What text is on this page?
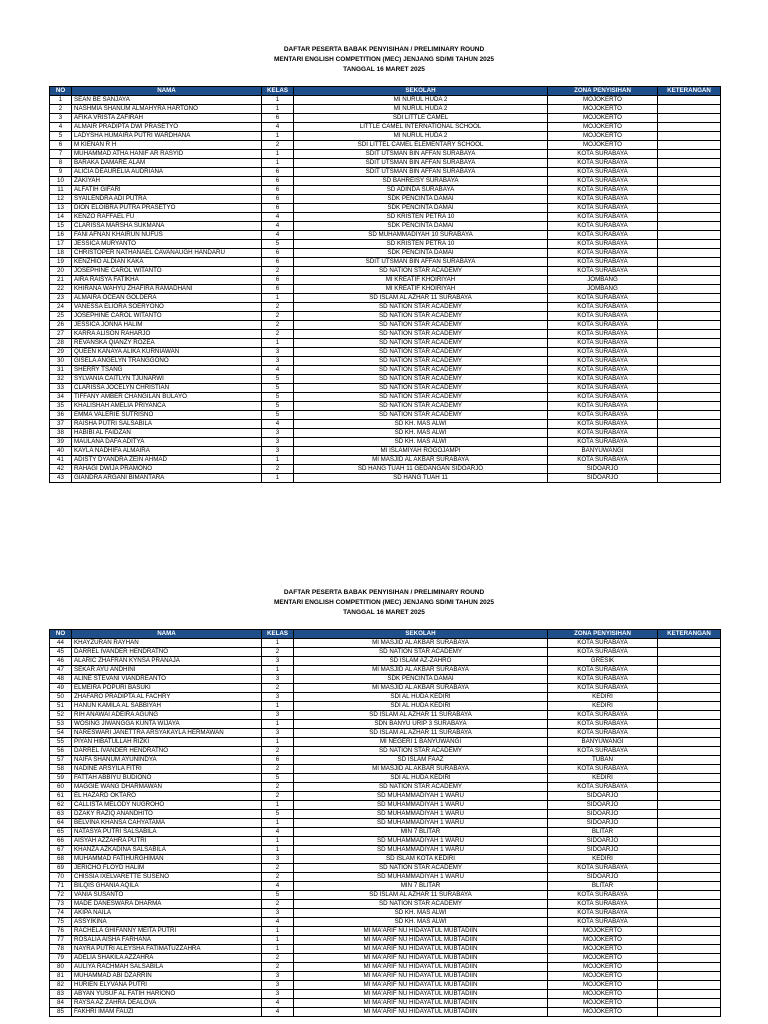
DAFTAR PESERTA BABAK PENYISIHAN / PRELIMINARY ROUND
MENTARI ENGLISH COMPETITION (MEC) JENJANG SD/MI TAHUN 2025
TANGGAL 16 MARET 2025
NO	NAMA	KELAS	SEKOLAH	ZONA PENYISIHAN	KETERANGAN
1	SEAN BE SANJAYA	1	MI NURUL HUDA 2	MOJOKERTO	
2	NASHMIA SHANUM ALMAHYRA HARTONO	1	MI NURUL HUDA 2	MOJOKERTO	
3	AFIKA VRISTA ZAFIRAH	6	SDI LITTLE CAMEL	MOJOKERTO	
4	ALMAIR PRADIPTA DWI PRASETYO	4	LITTLE CAMEL INTERNATIONAL SCHOOL	MOJOKERTO	
5	LADYSHA HUMAIRA PUTRI WARDHANA	1	MI NURUL HUDA 2	MOJOKERTO	
6	M KIENAN R H	2	SDI LITTEL CAMEL ELEMENTARY SCHOOL	MOJOKERTO	
7	MUHAMMAD ATHA HANIF AR RASYID	1	SDIT UTSMAN BIN AFFAN SURABAYA	KOTA SURABAYA	
8	BARAKA DAMARE ALAM	1	SDIT UTSMAN BIN AFFAN SURABAYA	KOTA SURABAYA	
9	ALICIA DEAURELIA AUDRIANA	6	SDIT UTSMAN BIN AFFAN SURABAYA	KOTA SURABAYA	
10	ZAKIYAH	6	SD BAHREISY SURABAYA	KOTA SURABAYA	
11	ALFATIH GIFARI	6	SD ADINDA SURABAYA	KOTA SURABAYA	
12	SYAILENDRA ADI PUTRA	6	SDK PENCINTA DAMAI	KOTA SURABAYA	
13	DION ELOIBRA PUTRA PRASETYO	6	SDK PENCINTA DAMAI	KOTA SURABAYA	
14	KENZO RAFFAEL FU	4	SD KRISTEN PETRA 10	KOTA SURABAYA	
15	CLARISSA MARSHA SUKMANA	4	SDK PENCINTA DAMAI	KOTA SURABAYA	
16	FANI AFNAN KHAIRUN NUFUS	4	SD MUHAMMADIYAH 10 SURABAYA	KOTA SURABAYA	
17	JESSICA MURYANTO	5	SD KRISTEN PETRA 10	KOTA SURABAYA	
18	CHRISTOPER NATHANAEL CAVANAUGH HANDARU	6	SDK PENCINTA DAMAI	KOTA SURABAYA	
19	KENZHIO ALDIAN KAKA	6	SDIT UTSMAN BIN AFFAN SURABAYA	KOTA SURABAYA	
20	JOSEPHINE CAROL WITANTO	2	SD NATION STAR ACADEMY	KOTA SURABAYA	
21	AIRA RAISYA FATIKHA	6	MI KREATIF KHOIRIYAH	JOMBANG	
22	KHIRANA WAHYU ZHAFIRA RAMADHANI	6	MI KREATIF KHOIRIYAH	JOMBANG	
23	ALMAIRA OCEAN GOLDERA	1	SD ISLAM AL AZHAR 11 SURABAYA	KOTA SURABAYA	
24	VANESSA ELIORA SOERYONO	2	SD NATION STAR ACADEMY	KOTA SURABAYA	
25	JOSEPHINE CAROL WITANTO	2	SD NATION STAR ACADEMY	KOTA SURABAYA	
26	JESSICA JONNA HALIM	2	SD NATION STAR ACADEMY	KOTA SURABAYA	
27	KARRA ALISON RAHARJO	2	SD NATION STAR ACADEMY	KOTA SURABAYA	
28	REVANSKA QIANZY ROZEA	1	SD NATION STAR ACADEMY	KOTA SURABAYA	
29	QUEEN KANAYA ALIKA KURNIAWAN	3	SD NATION STAR ACADEMY	KOTA SURABAYA	
30	GISELA ANGELYN TRANGGONO	3	SD NATION STAR ACADEMY	KOTA SURABAYA	
31	SHERRY TSANG	4	SD NATION STAR ACADEMY	KOTA SURABAYA	
32	SYLVANIA CAITLYN TJUNARWI	5	SD NATION STAR ACADEMY	KOTA SURABAYA	
33	CLARISSA JOCELYN CHRISTIAN	5	SD NATION STAR ACADEMY	KOTA SURABAYA	
34	TIFFANY AMBER CHANGILAN BULAYO	5	SD NATION STAR ACADEMY	KOTA SURABAYA	
35	KHALISHAH AMELIA PRIYANCA	5	SD NATION STAR ACADEMY	KOTA SURABAYA	
36	EMMA VALERIE SUTRISNO	5	SD NATION STAR ACADEMY	KOTA SURABAYA	
37	RAISHA PUTRI SALSABILA	4	SD KH. MAS ALWI	KOTA SURABAYA	
38	HABIBI AL FAIDZAN	3	SD KH. MAS ALWI	KOTA SURABAYA	
39	MAULANA DAFA ADITYA	3	SD KH. MAS ALWI	KOTA SURABAYA	
40	KAYLA NADHIFA ALMAIRA	3	MI ISLAMIYAH ROGOJAMPI	BANYUWANGI	
41	ADISTY DYANDRA ZEIN AHMAD	1	MI MASJID AL AKBAR SURABAYA	KOTA SURABAYA	
42	RAHAGI DWIJA PRAMONO	2	SD HANG TUAH 11 GEDANGAN SIDOARJO	SIDOARJO	
43	GIANDRA ARGANI BIMANTARA	1	SD HANG TUAH 11	SIDOARJO	
DAFTAR PESERTA BABAK PENYISIHAN / PRELIMINARY ROUND
MENTARI ENGLISH COMPETITION (MEC) JENJANG SD/MI TAHUN 2025
TANGGAL 16 MARET 2025
NO	NAMA	KELAS	SEKOLAH	ZONA PENYISIHAN	KETERANGAN
44	KHAYZURAN RAYHAN	1	MI MASJID AL AKBAR SURABAYA	KOTA SURABAYA	
45	DARREL IVANDER HENDRATNO	2	SD NATION STAR ACADEMY	KOTA SURABAYA	
46	ALARIC ZHAFRAN KYNSA PRANAJA	3	SD ISLAM AZ-ZAHRO	GRESIK	
47	SEKAR AYU ANDHINI	1	MI MASJID AL AKBAR SURABAYA	KOTA SURABAYA	
48	ALINE STEVANI VIANDREANTO	3	SDK PENCINTA DAMAI	KOTA SURABAYA	
49	ELMEIRA POPURI BASUKI	2	MI MASJID AL AKBAR SURABAYA	KOTA SURABAYA	
50	ZHAFARO PRADIPTA AL FACHRY	3	SDI AL HUDA KEDIRI	KEDIRI	
51	HANUN KAMILA AL SABBIYAH	1	SDI AL HUDA KEDIRI	KEDIRI	
52	RIH ANAWAI ADEIRA AGUNG	3	SD ISLAM AL AZHAR 11 SURABAYA	KOTA SURABAYA	
53	WOSING JIWANGGA KUNTA WIJAYA	1	SDN BANYU URIP 3 SURABAYA	KOTA SURABAYA	
54	NARESWARI JANETTRA ARSYAKAYLA HERMAWAN	3	SD ISLAM AL AZHAR 11 SURABAYA	KOTA SURABAYA	
55	PIYAN HIBATULLAH RIZKI	1	MI NEGERI 1 BANYUWANGI	BANYUWANGI	
56	DARREL IVANDER HENDRATNO	2	SD NATION STAR ACADEMY	KOTA SURABAYA	
57	NAIFA SHANUM AYUNINDYA	6	SD ISLAM FAAZ	TUBAN	
58	NADINE ARSYILA FITRI	2	MI MASJID AL AKBAR SURABAYA	KOTA SURABAYA	
59	FATTAH ABBIYU BUDIONO	5	SDI AL HUDA KEDIRI	KEDIRI	
60	MAGGIE WANG DHARMAWAN	2	SD NATION STAR ACADEMY	KOTA SURABAYA	
61	EL HAZARD OKTARO	2	SD MUHAMMADIYAH 1 WARU	SIDOARJO	
62	CALLISTA MELODY NUGROHO	1	SD MUHAMMADIYAH 1 WARU	SIDOARJO	
63	DZAKY RAZIQ ANANDHITO	5	SD MUHAMMADIYAH 1 WARU	SIDOARJO	
64	BELVINA KHANSA CAHYATAMA	1	SD MUHAMMADIYAH 1 WARU	SIDOARJO	
65	NATASYA PUTRI SALSABILA	4	MIN 7 BLITAR	BLITAR	
66	AISYAH AZZAHRA PUTRI	1	SD MUHAMMADIYAH 1 WARU	SIDOARJO	
67	KHANZA AZKADINA SALSABILA	1	SD MUHAMMADIYAH 1 WARU	SIDOARJO	
68	MUHAMMAD FATIHURGHIMAN	3	SD ISLAM KOTA KEDIRI	KEDIRI	
69	JERICHO FLOYD HALIM	2	SD NATION STAR ACADEMY	KOTA SURABAYA	
70	CHISSIA IXELVARETTE SUSENO	2	SD MUHAMMADIYAH 1 WARU	SIDOARJO	
71	BILQIS GHANIA AQILA	4	MIN 7 BLITAR	BLITAR	
72	VANIA SUSANTO	5	SD ISLAM AL AZHAR 11 SURABAYA	KOTA SURABAYA	
73	MADE DANESWARA DHARMA	2	SD NATION STAR ACADEMY	KOTA SURABAYA	
74	AKIPA NAILA	3	SD KH. MAS ALWI	KOTA SURABAYA	
75	ASSYIKINA	4	SD KH. MAS ALWI	KOTA SURABAYA	
76	RACHELA GHIFANNY MEITA PUTRI	1	MI MA'ARIF NU HIDAYATUL MUBTADIIN	MOJOKERTO	
77	ROSALIA AISHA FARHANA	1	MI MA'ARIF NU HIDAYATUL MUBTADIIN	MOJOKERTO	
78	NAYRA PUTRI ALEYSHA FATIMATUZZAHRA	1	MI MA'ARIF NU HIDAYATUL MUBTADIIN	MOJOKERTO	
79	ADELIA SHAKILA AZZAHRA	2	MI MA'ARIF NU HIDAYATUL MUBTADIIN	MOJOKERTO	
80	AULIYA RACHMAH SALSABILA	2	MI MA'ARIF NU HIDAYATUL MUBTADIIN	MOJOKERTO	
81	MUHAMMAD ABI DZARRIN	3	MI MA'ARIF NU HIDAYATUL MUBTADIIN	MOJOKERTO	
82	HURIEN ELYVANA PUTRI	3	MI MA'ARIF NU HIDAYATUL MUBTADIIN	MOJOKERTO	
83	ABYAN YUSUF AL FATIH HARIONO	3	MI MA'ARIF NU HIDAYATUL MUBTADIIN	MOJOKERTO	
84	RAYSA AZ ZAHRA DEALOVA	4	MI MA'ARIF NU HIDAYATUL MUBTADIIN	MOJOKERTO	
85	FAKHRI IMAM FAUZI	4	MI MA'ARIF NU HIDAYATUL MUBTADIIN	MOJOKERTO	
